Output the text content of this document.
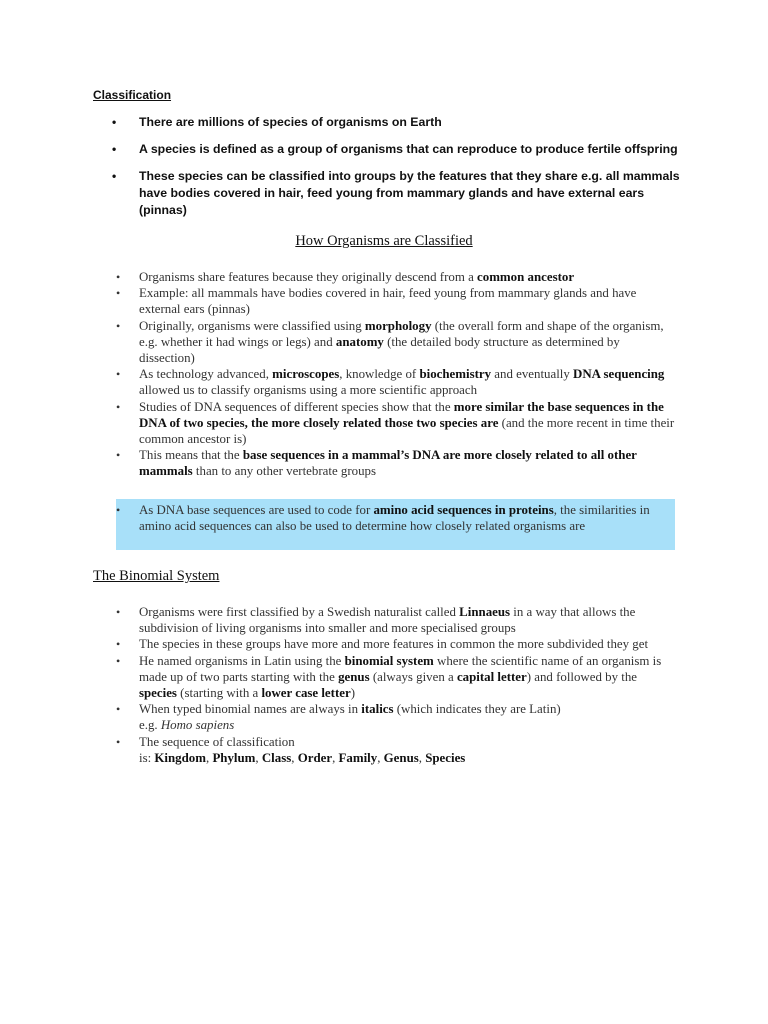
Classification
• There are millions of species of organisms on Earth
• A species is defined as a group of organisms that can reproduce to produce fertile offspring
• These species can be classified into groups by the features that they share e.g. all mammals have bodies covered in hair, feed young from mammary glands and have external ears (pinnas)
How Organisms are Classified
• Organisms share features because they originally descend from a common ancestor
• Example: all mammals have bodies covered in hair, feed young from mammary glands and have external ears (pinnas)
• Originally, organisms were classified using morphology (the overall form and shape of the organism, e.g. whether it had wings or legs) and anatomy (the detailed body structure as determined by dissection)
• As technology advanced, microscopes, knowledge of biochemistry and eventually DNA sequencing allowed us to classify organisms using a more scientific approach
• Studies of DNA sequences of different species show that the more similar the base sequences in the DNA of two species, the more closely related those two species are (and the more recent in time their common ancestor is)
• This means that the base sequences in a mammal’s DNA are more closely related to all other mammals than to any other vertebrate groups
• As DNA base sequences are used to code for amino acid sequences in proteins, the similarities in amino acid sequences can also be used to determine how closely related organisms are
The Binomial System
• Organisms were first classified by a Swedish naturalist called Linnaeus in a way that allows the subdivision of living organisms into smaller and more specialised groups
• The species in these groups have more and more features in common the more subdivided they get
• He named organisms in Latin using the binomial system where the scientific name of an organism is made up of two parts starting with the genus (always given a capital letter) and followed by the species (starting with a lower case letter)
• When typed binomial names are always in italics (which indicates they are Latin)
e.g. Homo sapiens
• The sequence of classification
is: Kingdom, Phylum, Class, Order, Family, Genus, Species
